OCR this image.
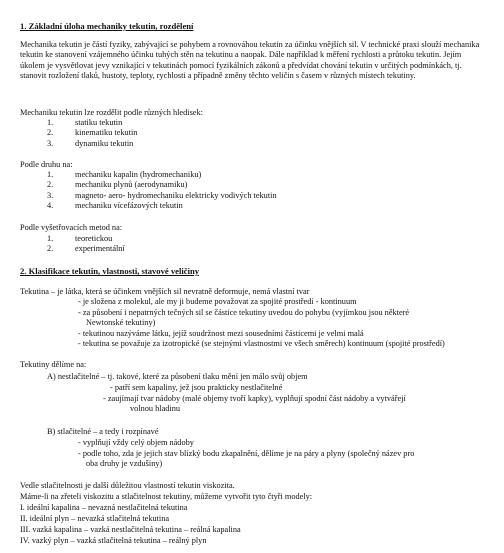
1. Základní úloha mechaniky tekutin, rozdělení

Mechanika tekutin je částí fyziky, zabývající se pohybem a rovnováhou tekutin za účinku vnějších sil. V technické praxi slouží mechanika tekutin ke stanovení vzájemného účinku tuhých stěn na tekutinu a naopak. Dále například k měření rychlosti a průtoku tekutin. Jejím úkolem je vysvětlovat jevy vznikající v tekutinách pomocí fyzikálních zákonů a předvídat chování tekutin v určitých podmínkách, tj. stanovit rozložení tlaků, hustoty, teploty, rychlosti a případně změny těchto veličin s časem v různých místech tekutiny.

Mechaniku tekutin lze rozdělit podle různých hledisek:
1.	statiku tekutin
2.	kinematiku tekutin
3.	dynamiku tekutin
Podle druhu na:
1.	mechaniku kapalin (hydromechaniku)
2.	mechaniku plynů (aerodynamiku)
3.	magneto- aero- hydromechaniku elektricky vodivých tekutin
4.	mechaniku vícefázových tekutin
Podle vyšetřovacích metod na:
1.	teoretickou
2.	experimentální
2. Klasifikace tekutin, vlastnosti, stavové veličiny
Tekutina – je látka, která se účinkem vnějších sil nevratně deformuje, nemá vlastní tvar
- je složena z molekul, ale my ji budeme považovat za spojité prostředí - kontinuum
- za působení i nepatrných tečných sil se částice tekutiny uvedou do pohybu (vyjímkou jsou některé
Newtonské tekutiny)
- tekutinou nazýváme látku, jejíž soudržnost mezi sousedními částicemi je velmi malá
- tekutina se považuje za izotropické (se stejnými vlastnostmi ve všech směrech) kontinuum (spojité prostředí)
Tekutiny dělíme na:
A) nestlačitelné – tj. takové, které za působení tlaku mění jen málo svůj objem
- patří sem kapaliny, jež jsou prakticky nestlačitelné
- zaujímají tvar nádoby (malé objemy tvoří kapky), vyplňují spodní část nádoby a vytvářejí
volnou hladinu
B) stlačitelné – a tedy i rozpínavé
- vyplňují vždy celý objem nádoby
- podle toho, zda je jejich stav blízký bodu zkapalnění, dělíme je na páry a plyny (společný název pro
oba druhy je vzdušiny)
Vedle stlačitelnosti je další důležitou vlastností tekutin viskozita.
Máme-li na zřeteli viskozitu a stlačitelnost tekutiny, můžeme vytvořit tyto čtyři modely:
I. ideální kapalina – nevazná nestlačitelná tekutina
II. ideální plyn – nevazká stlačitelná tekutina
III. vazká kapalina – vazká nestlačitelná tekutina – reálná kapalina
IV. vazký plyn – vazká stlačitelná tekutina – reálný plyn
